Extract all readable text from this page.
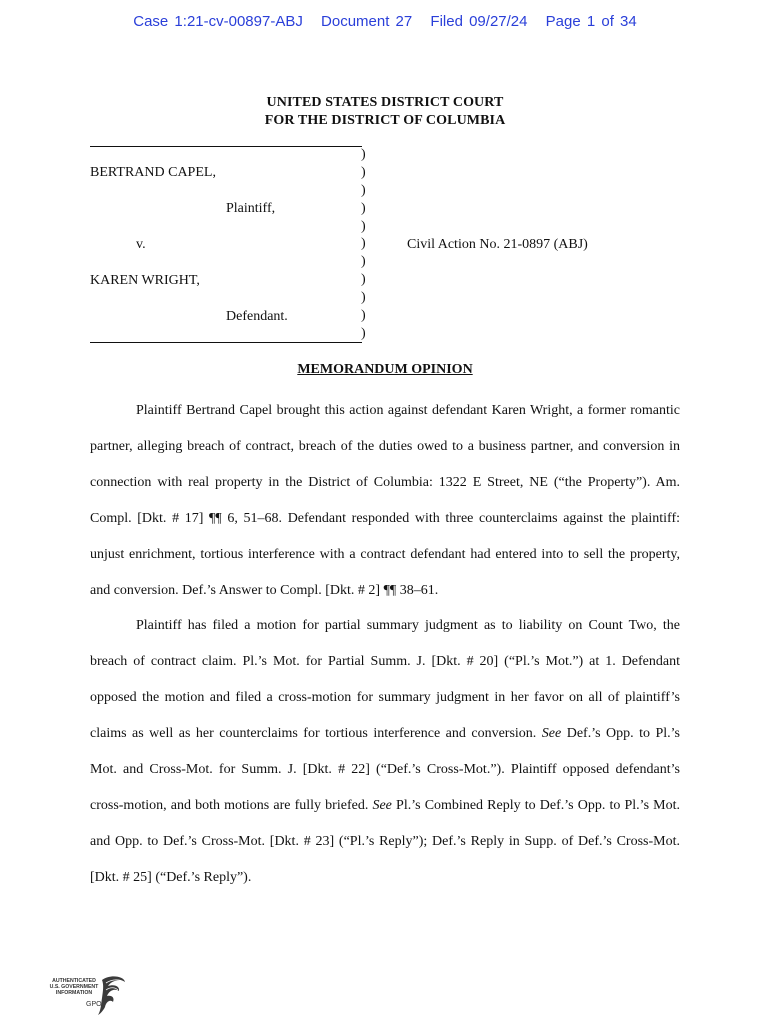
Case 1:21-cv-00897-ABJ Document 27 Filed 09/27/24 Page 1 of 34
UNITED STATES DISTRICT COURT
FOR THE DISTRICT OF COLUMBIA
BERTRAND CAPEL,
Plaintiff,
v.
KAREN WRIGHT,
Defendant.
Civil Action No. 21-0897 (ABJ)
)
)
)
)
)
)
)
)
)
)
)
MEMORANDUM OPINION

Plaintiff Bertrand Capel brought this action against defendant Karen Wright, a former romantic partner, alleging breach of contract, breach of the duties owed to a business partner, and conversion in connection with real property in the District of Columbia: 1322 E Street, NE (“the Property”). Am. Compl. [Dkt. # 17] ¶¶ 6, 51–68. Defendant responded with three counterclaims against the plaintiff: unjust enrichment, tortious interference with a contract defendant had entered into to sell the property, and conversion. Def.’s Answer to Compl. [Dkt. # 2] ¶¶ 38–61.

Plaintiff has filed a motion for partial summary judgment as to liability on Count Two, the breach of contract claim. Pl.’s Mot. for Partial Summ. J. [Dkt. # 20] (“Pl.’s Mot.”) at 1. Defendant opposed the motion and filed a cross-motion for summary judgment in her favor on all of plaintiff’s claims as well as her counterclaims for tortious interference and conversion. See Def.’s Opp. to Pl.’s Mot. and Cross-Mot. for Summ. J. [Dkt. # 22] (“Def.’s Cross-Mot.”). Plaintiff opposed defendant’s cross-motion, and both motions are fully briefed. See Pl.’s Combined Reply to Def.’s Opp. to Pl.’s Mot. and Opp. to Def.’s Cross-Mot. [Dkt. # 23] (“Pl.’s Reply”); Def.’s Reply in Supp. of Def.’s Cross-Mot. [Dkt. # 25] (“Def.’s Reply”).

AUTHENTICATED
U.S. GOVERNMENT
INFORMATION
GPO
